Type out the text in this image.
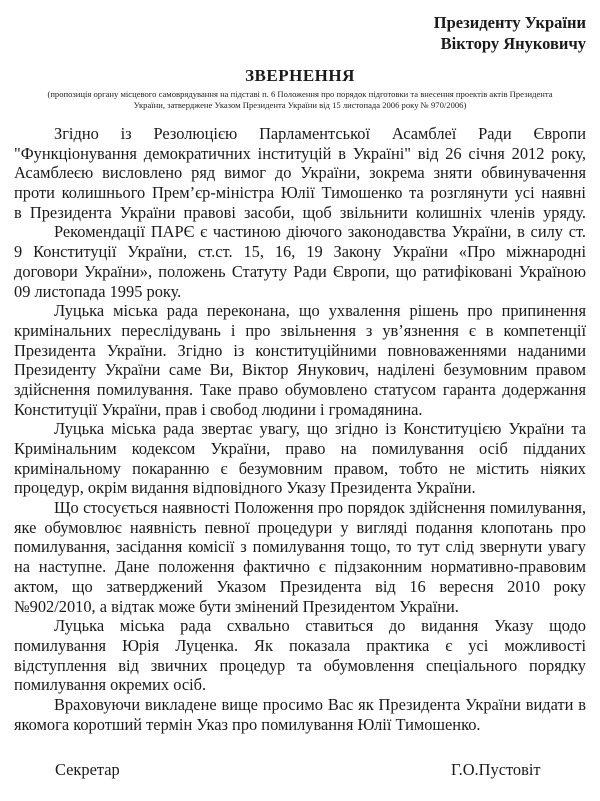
Президенту України
Віктору Януковичу
ЗВЕРНЕННЯ
(пропозиція органу місцевого самоврядування на підставі п. 6 Положення про порядок підготовки та внесення проектів актів Президента
України, затверджене Указом Президента України від 15 листопада 2006 року № 970/2006)
Згідно із Резолюцією Парламентської Асамблеї Ради Європи
"Функціонування демократичних інституцій в Україні" від 26 січня 2012 року,
Асамблеєю висловлено ряд вимог до України, зокрема зняти обвинувачення
проти колишнього Прем’єр-міністра Юлії Тимошенко та розглянути усі наявні
в Президента України правові засоби, щоб звільнити колишніх членів уряду.
Рекомендації ПАРЄ є частиною діючого законодавства України, в силу ст.
9 Конституції України, ст.ст. 15, 16, 19 Закону України «Про міжнародні
договори України», положень Статуту Ради Європи, що ратифіковані Україною
09 листопада 1995 року.
Луцька міська рада переконана, що ухвалення рішень про припинення
кримінальних переслідувань і про звільнення з ув’язнення є в компетенції
Президента України. Згідно із конституційними повноваженнями наданими
Президенту України саме Ви, Віктор Янукович, наділені безумовним правом
здійснення помилування. Таке право обумовлено статусом гаранта додержання
Конституції України, прав і свобод людини і громадянина.
Луцька міська рада звертає увагу, що згідно із Конституцією України та
Кримінальним кодексом України, право на помилування осіб підданих
кримінальному покаранню є безумовним правом, тобто не містить ніяких
процедур, окрім видання відповідного Указу Президента України.
Що стосується наявності Положення про порядок здійснення помилування,
яке обумовлює наявність певної процедури у вигляді подання клопотань про
помилування, засідання комісії з помилування тощо, то тут слід звернути увагу
на наступне. Дане положення фактично є підзаконним нормативно-правовим
актом, що затверджений Указом Президента від 16 вересня 2010 року
№902/2010, а відтак може бути змінений Президентом України.
Луцька міська рада схвально ставиться до видання Указу щодо
помилування Юрія Луценка. Як показала практика є усі можливості
відступлення від звичних процедур та обумовлення спеціального порядку
помилування окремих осіб.
Враховуючи викладене вище просимо Вас як Президента України видати в
якомога коротший термін Указ про помилування Юлії Тимошенко.
Секретар	Г.О.Пустовіт
